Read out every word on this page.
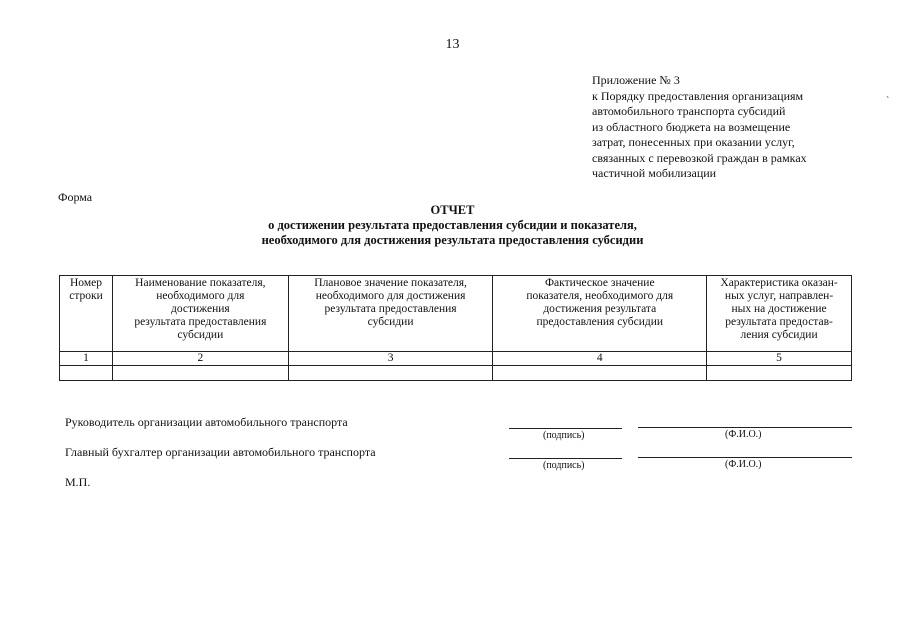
13
Приложение № 3
к Порядку предоставления организациям
автомобильного транспорта субсидий
из областного бюджета на возмещение
затрат, понесенных при оказании услуг,
связанных с перевозкой граждан в рамках
частичной мобилизации
ˋ
Форма
ОТЧЕТ
о достижении результата предоставления субсидии и показателя,
необходимого для достижения результата предоставления субсидии
Номер
строки	Наименование показателя,
необходимого для
достижения
результата предоставления
субсидии	Плановое значение показателя,
необходимого для достижения
результата предоставления
субсидии	Фактическое значение
показателя, необходимого для
достижения результата
предоставления субсидии	Характеристика оказан-
ных услуг, направлен-
ных на достижение
результата предостав-
ления субсидии
1	2	3	4	5

Руководитель организации автомобильного транспорта
(подпись)	(Ф.И.О.)
Главный бухгалтер организации автомобильного транспорта
(подпись)	(Ф.И.О.)
М.П.
